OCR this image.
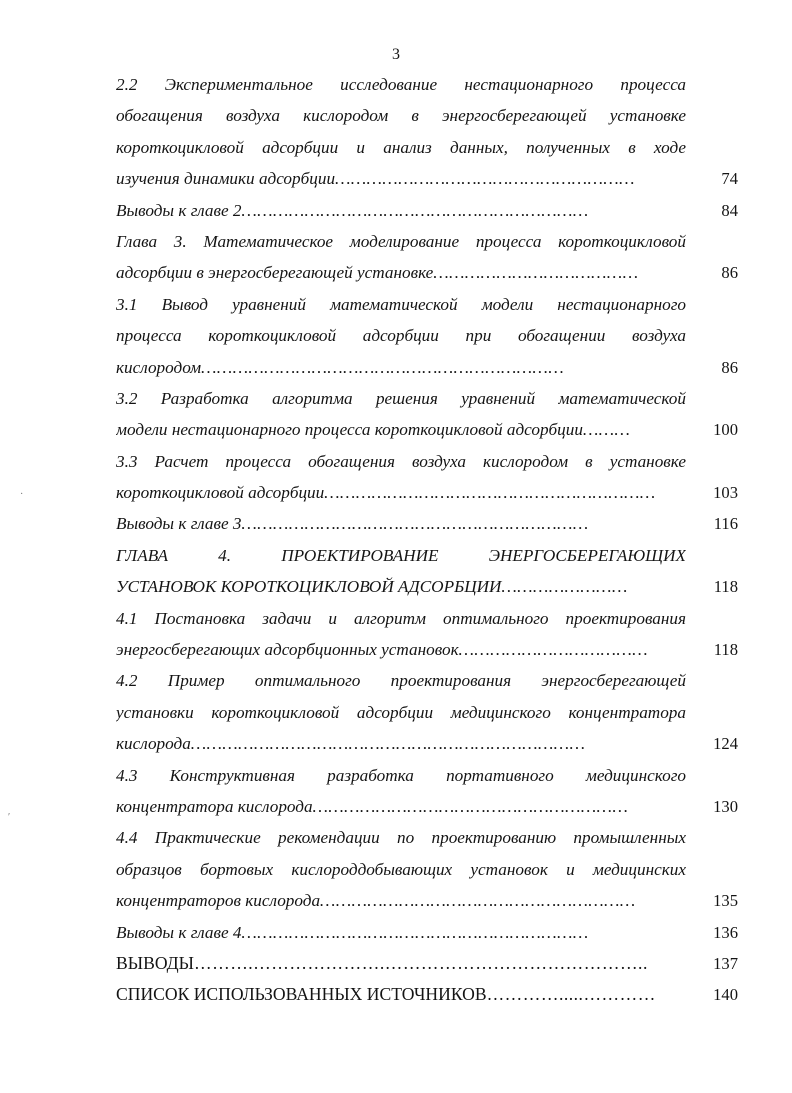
3
·
′
2.2 Экспериментальное исследование нестационарного процесса
обогащения воздуха кислородом в энергосберегающей установке
короткоцикловой адсорбции и анализ данных, полученных в ходе
изучения динамики адсорбции…………………………………………………	74
Выводы к главе 2…………………………………………………………	84
Глава 3. Математическое моделирование процесса короткоцикловой
адсорбции в энергосберегающей установке…………………………………	86
3.1 Вывод уравнений математической модели нестационарного
процесса короткоцикловой адсорбции при обогащении воздуха
кислородом……………………………………………………………	86
3.2 Разработка алгоритма решения уравнений математической
модели нестационарного процесса короткоцикловой адсорбции………	100
3.3 Расчет процесса обогащения воздуха кислородом в установке
короткоцикловой адсорбции………………………………………………………	103
Выводы к главе 3…………………………………………………………	116
ГЛАВА 4. ПРОЕКТИРОВАНИЕ ЭНЕРГОСБЕРЕГАЮЩИХ
УСТАНОВОК КОРОТКОЦИКЛОВОЙ АДСОРБЦИИ……………………	118
4.1 Постановка задачи и алгоритм оптимального проектирования
энергосберегающих адсорбционных установок………………………………	118
4.2 Пример оптимального проектирования энергосберегающей
установки короткоцикловой адсорбции медицинского концентратора
кислорода…………………………………………………………………	124
4.3 Конструктивная разработка портативного медицинского
концентратора кислорода……………………………………………………	130
4.4 Практические рекомендации по проектированию промышленных
образцов бортовых кислороддобывающих установок и медицинских
концентраторов кислорода……………………………………………………	135
Выводы к главе 4…………………………………………………………	136
ВЫВОДЫ……….………………….……………………………………..	137
СПИСОК ИСПОЛЬЗОВАННЫХ ИСТОЧНИКОВ………….....…………	140
